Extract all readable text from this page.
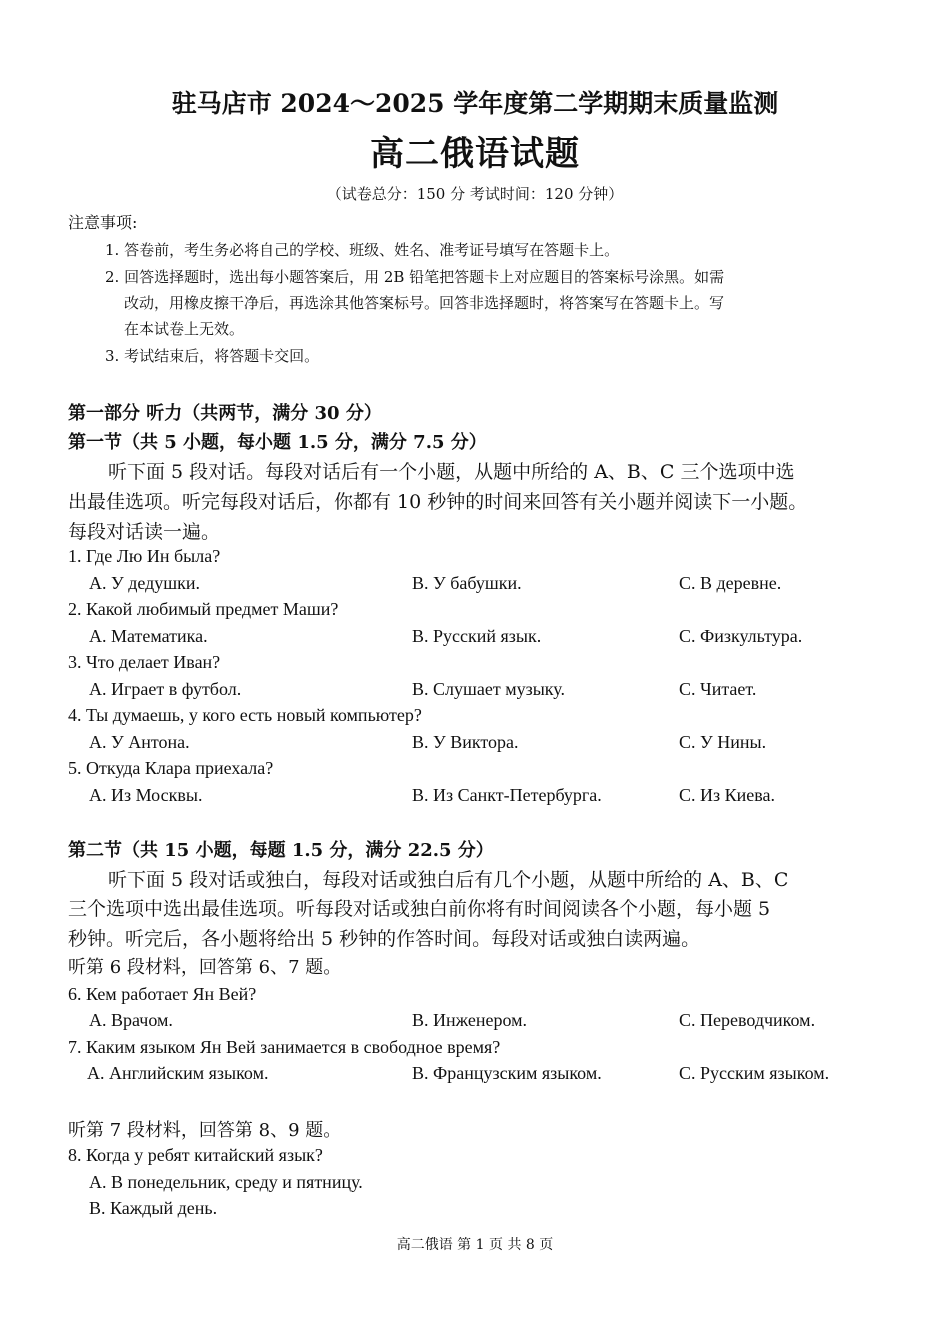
驻马店市 2024～2025 学年度第二学期期末质量监测
高二俄语试题
（试卷总分：150 分 考试时间：120 分钟）
注意事项:
1. 答卷前，考生务必将自己的学校、班级、姓名、准考证号填写在答题卡上。
2. 回答选择题时，选出每小题答案后，用 2B 铅笔把答题卡上对应题目的答案标号涂黑。如需
改动，用橡皮擦干净后，再选涂其他答案标号。回答非选择题时，将答案写在答题卡上。写
在本试卷上无效。
3. 考试结束后，将答题卡交回。
第一部分 听力（共两节，满分 30 分）
第一节（共 5 小题，每小题 1.5 分，满分 7.5 分）
听下面 5 段对话。每段对话后有一个小题，从题中所给的 A、B、C 三个选项中选
出最佳选项。听完每段对话后，你都有 10 秒钟的时间来回答有关小题并阅读下一小题。
每段对话读一遍。
1. Где Лю Ин была?
A. У дедушки.	B. У бабушки.	C. В деревне.
2. Какой любимый предмет Маши?
A. Математика.	B. Русский язык.	C. Физкультура.
3. Что делает Иван?
A. Играет в футбол.	B. Слушает музыку.	C. Читает.
4. Ты думаешь, у кого есть новый компьютер?
A. У Антона.	B. У Виктора.	C. У Нины.
5. Откуда Клара приехала?
A. Из Москвы.	B. Из Санкт-Петербурга.	C. Из Киева.
第二节（共 15 小题，每题 1.5 分，满分 22.5 分）
听下面 5 段对话或独白，每段对话或独白后有几个小题，从题中所给的 A、B、C
三个选项中选出最佳选项。听每段对话或独白前你将有时间阅读各个小题，每小题 5
秒钟。听完后，各小题将给出 5 秒钟的作答时间。每段对话或独白读两遍。
听第 6 段材料，回答第 6、7 题。
6. Кем работает Ян Вей?
A. Врачом.	B. Инженером.	C. Переводчиком.
7. Каким языком Ян Вей занимается в свободное время?
A. Английским языком.	B. Французским языком.	C. Русским языком.
听第 7 段材料，回答第 8、9 题。
8. Когда у ребят китайский язык?
A. В понедельник, среду и пятницу.
B. Каждый день.
高二俄语 第 1 页 共 8 页
